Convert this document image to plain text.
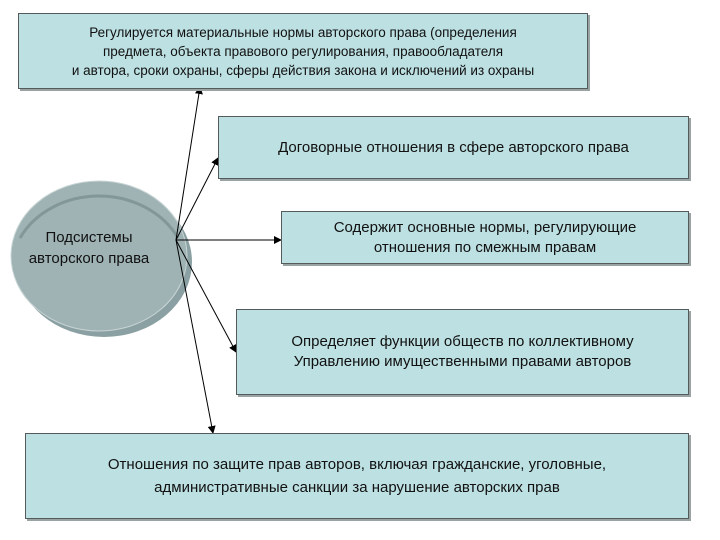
Подсистемы
авторского права
Регулируется материальные нормы авторского права (определения
предмета, объекта правового регулирования, правообладателя
и автора, сроки охраны, сферы действия закона и исключений из охраны
Договорные отношения в сфере авторского права
Содержит основные нормы, регулирующие
отношения по смежным правам
Определяет функции обществ по коллективному
Управлению имущественными правами авторов
Отношения по защите прав авторов, включая гражданские, уголовные,
административные санкции за нарушение авторских прав
